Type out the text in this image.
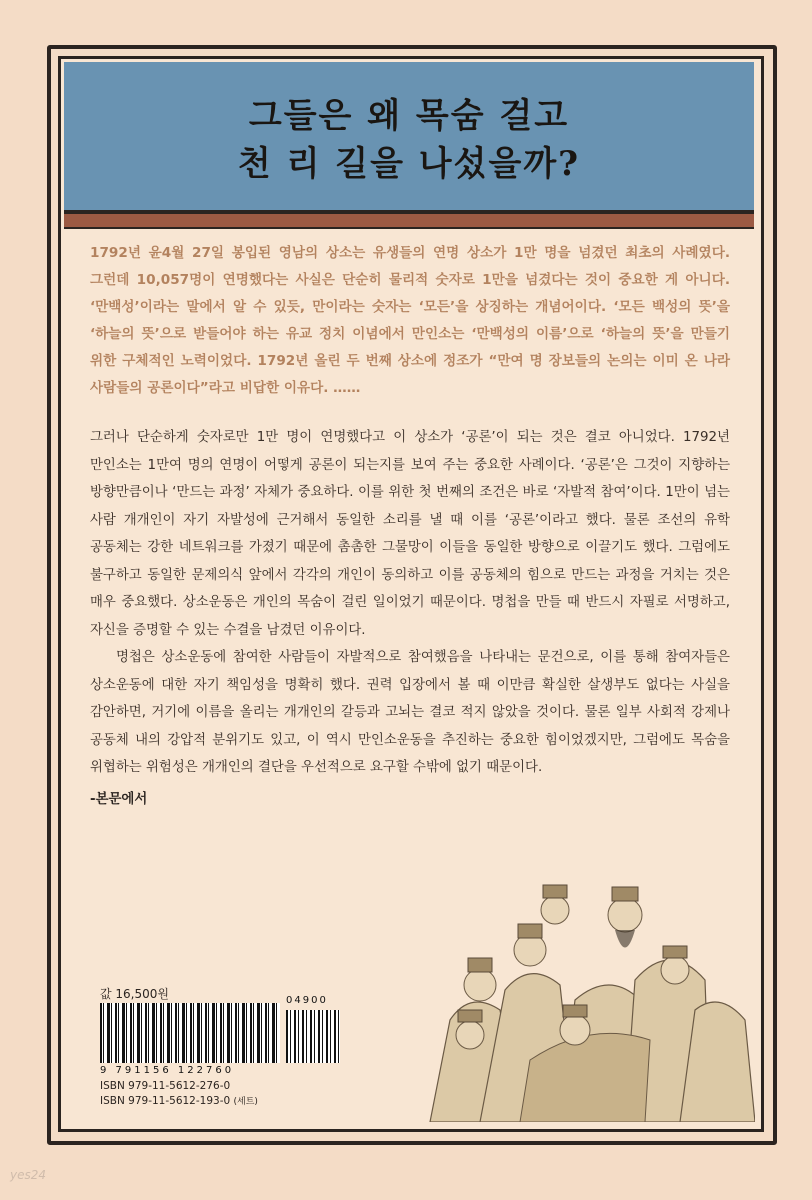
그들은 왜 목숨 걸고
천 리 길을 나섰을까?

1792년 윤4월 27일 봉입된 영남의 상소는 유생들의 연명 상소가 1만 명을 넘겼던 최초의 사례였다. 그런데 10,057명이 연명했다는 사실은 단순히 물리적 숫자로 1만을 넘겼다는 것이 중요한 게 아니다. ‘만백성’이라는 말에서 알 수 있듯, 만이라는 숫자는 ‘모든’을 상징하는 개념어이다. ‘모든 백성의 뜻’을 ‘하늘의 뜻’으로 받들어야 하는 유교 정치 이념에서 만인소는 ‘만백성의 이름’으로 ‘하늘의 뜻’을 만들기 위한 구체적인 노력이었다. 1792년 올린 두 번째 상소에 정조가 “만여 명 장보들의 논의는 이미 온 나라 사람들의 공론이다”라고 비답한 이유다. ……

그러나 단순하게 숫자로만 1만 명이 연명했다고 이 상소가 ‘공론’이 되는 것은 결코 아니었다. 1792년 만인소는 1만여 명의 연명이 어떻게 공론이 되는지를 보여 주는 중요한 사례이다. ‘공론’은 그것이 지향하는 방향만큼이나 ‘만드는 과정’ 자체가 중요하다. 이를 위한 첫 번째의 조건은 바로 ‘자발적 참여’이다. 1만이 넘는 사람 개개인이 자기 자발성에 근거해서 동일한 소리를 낼 때 이를 ‘공론’이라고 했다. 물론 조선의 유학 공동체는 강한 네트워크를 가졌기 때문에 촘촘한 그물망이 이들을 동일한 방향으로 이끌기도 했다. 그럼에도 불구하고 동일한 문제의식 앞에서 각각의 개인이 동의하고 이를 공동체의 힘으로 만드는 과정을 거치는 것은 매우 중요했다. 상소운동은 개인의 목숨이 걸린 일이었기 때문이다. 명첩을 만들 때 반드시 자필로 서명하고, 자신을 증명할 수 있는 수결을 남겼던 이유이다.

명첩은 상소운동에 참여한 사람들이 자발적으로 참여했음을 나타내는 문건으로, 이를 통해 참여자들은 상소운동에 대한 자기 책임성을 명확히 했다. 권력 입장에서 볼 때 이만큼 확실한 살생부도 없다는 사실을 감안하면, 거기에 이름을 올리는 개개인의 갈등과 고뇌는 결코 적지 않았을 것이다. 물론 일부 사회적 강제나 공동체 내의 강압적 분위기도 있고, 이 역시 만인소운동을 추진하는 중요한 힘이었겠지만, 그럼에도 목숨을 위협하는 위험성은 개개인의 결단을 우선적으로 요구할 수밖에 없기 때문이다.

-본문에서
값 16,500원	04900
9 791156 122760
ISBN 979-11-5612-276-0
ISBN 979-11-5612-193-0 (세트)
yes24
